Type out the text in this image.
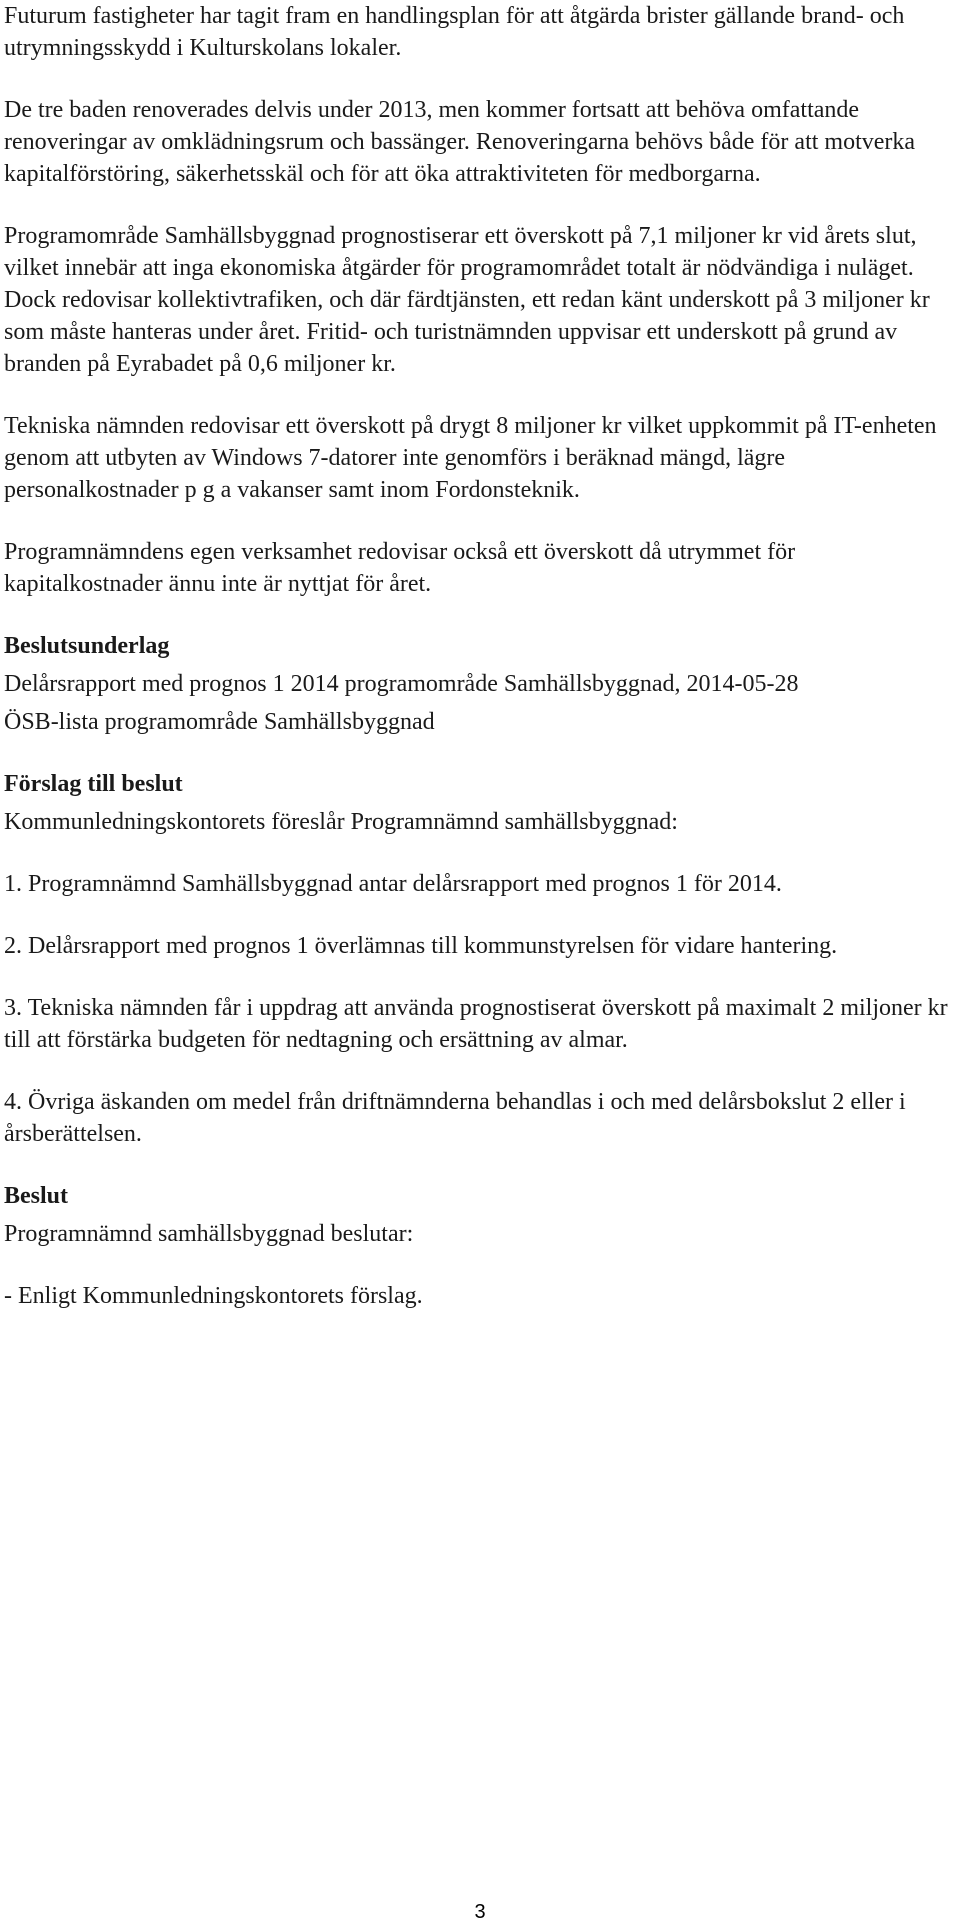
Futurum fastigheter har tagit fram en handlingsplan för att åtgärda brister gällande brand- och utrymningsskydd i Kulturskolans lokaler.

De tre baden renoverades delvis under 2013, men kommer fortsatt att behöva omfattande renoveringar av omklädningsrum och bassänger. Renoveringarna behövs både för att motverka kapitalförstöring, säkerhetsskäl och för att öka attraktiviteten för medborgarna.

Programområde Samhällsbyggnad prognostiserar ett överskott på 7,1 miljoner kr vid årets slut, vilket innebär att inga ekonomiska åtgärder för programområdet totalt är nödvändiga i nuläget. Dock redovisar kollektivtrafiken, och där färdtjänsten, ett redan känt underskott på 3 miljoner kr som måste hanteras under året. Fritid- och turistnämnden uppvisar ett underskott på grund av branden på Eyrabadet på 0,6 miljoner kr.

Tekniska nämnden redovisar ett överskott på drygt 8 miljoner kr vilket uppkommit på IT-enheten genom att utbyten av Windows 7-datorer inte genomförs i beräknad mängd, lägre personalkostnader p g a vakanser samt inom Fordonsteknik.

Programnämndens egen verksamhet redovisar också ett överskott då utrymmet för kapitalkostnader ännu inte är nyttjat för året.

Beslutsunderlag

Delårsrapport med prognos 1 2014 programområde Samhällsbyggnad, 2014-05-28

ÖSB-lista programområde Samhällsbyggnad

Förslag till beslut

Kommunledningskontorets föreslår Programnämnd samhällsbyggnad:

1. Programnämnd Samhällsbyggnad antar delårsrapport med prognos 1 för 2014.

2. Delårsrapport med prognos 1 överlämnas till kommunstyrelsen för vidare hantering.

3. Tekniska nämnden får i uppdrag att använda prognostiserat överskott på maximalt 2 miljoner kr till att förstärka budgeten för nedtagning och ersättning av almar.

4. Övriga äskanden om medel från driftnämnderna behandlas i och med delårsbokslut 2 eller i årsberättelsen.

Beslut

Programnämnd samhällsbyggnad beslutar:

- Enligt Kommunledningskontorets förslag.

3
